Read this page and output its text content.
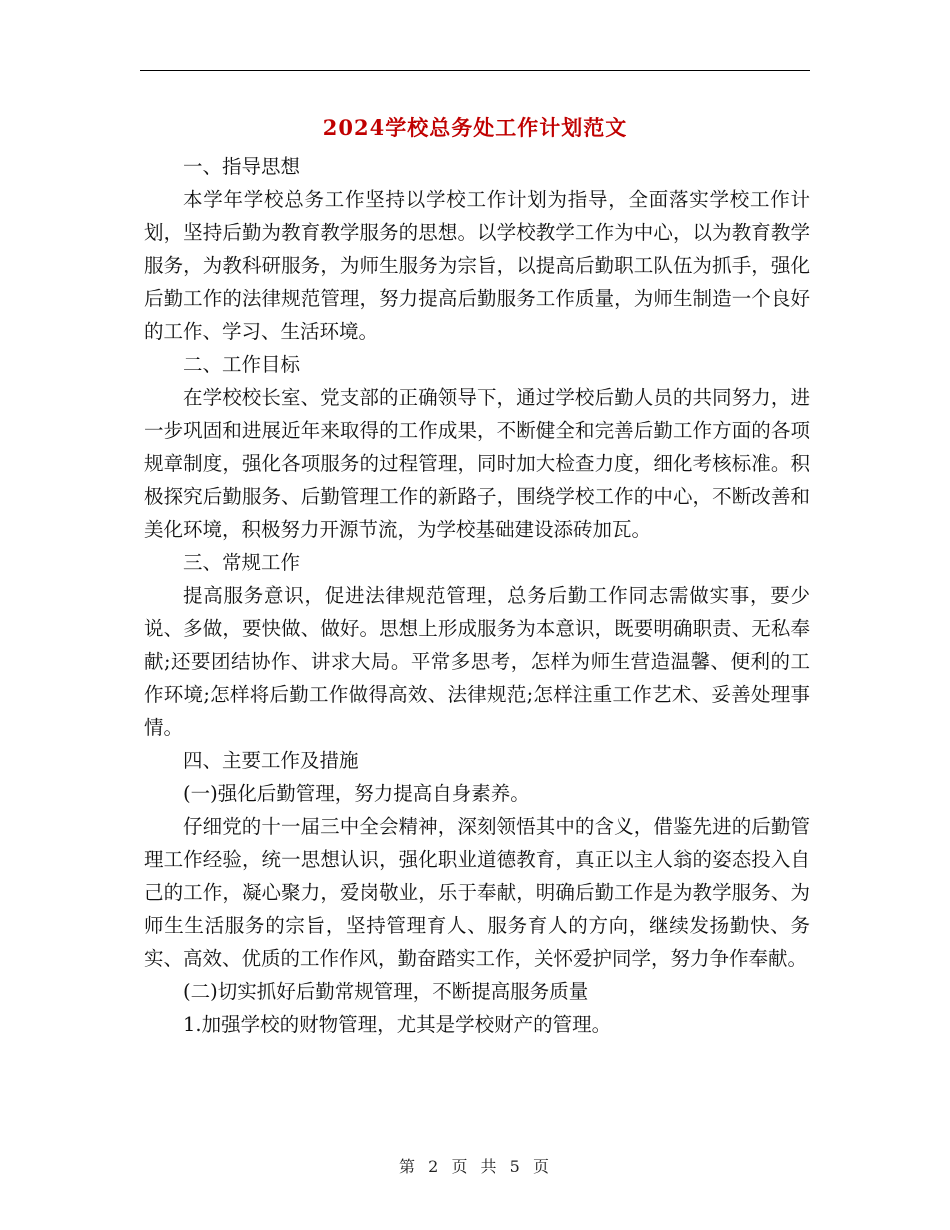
2024学校总务处工作计划范文

一、指导思想

本学年学校总务工作坚持以学校工作计划为指导，全面落实学校工作计划，坚持后勤为教育教学服务的思想。以学校教学工作为中心，以为教育教学服务，为教科研服务，为师生服务为宗旨，以提高后勤职工队伍为抓手，强化后勤工作的法律规范管理，努力提高后勤服务工作质量，为师生制造一个良好的工作、学习、生活环境。

二、工作目标

在学校校长室、党支部的正确领导下，通过学校后勤人员的共同努力，进一步巩固和进展近年来取得的工作成果，不断健全和完善后勤工作方面的各项规章制度，强化各项服务的过程管理，同时加大检查力度，细化考核标准。积极探究后勤服务、后勤管理工作的新路子，围绕学校工作的中心，不断改善和美化环境，积极努力开源节流，为学校基础建设添砖加瓦。

三、常规工作

提高服务意识，促进法律规范管理，总务后勤工作同志需做实事，要少说、多做，要快做、做好。思想上形成服务为本意识，既要明确职责、无私奉献;还要团结协作、讲求大局。平常多思考，怎样为师生营造温馨、便利的工作环境;怎样将后勤工作做得高效、法律规范;怎样注重工作艺术、妥善处理事情。

四、主要工作及措施

(一)强化后勤管理，努力提高自身素养。

仔细党的十一届三中全会精神，深刻领悟其中的含义，借鉴先进的后勤管理工作经验，统一思想认识，强化职业道德教育，真正以主人翁的姿态投入自己的工作，凝心聚力，爱岗敬业，乐于奉献，明确后勤工作是为教学服务、为师生生活服务的宗旨，坚持管理育人、服务育人的方向，继续发扬勤快、务实、高效、优质的工作作风，勤奋踏实工作，关怀爱护同学，努力争作奉献。

(二)切实抓好后勤常规管理，不断提高服务质量

1.加强学校的财物管理，尤其是学校财产的管理。

第 2 页 共 5 页
